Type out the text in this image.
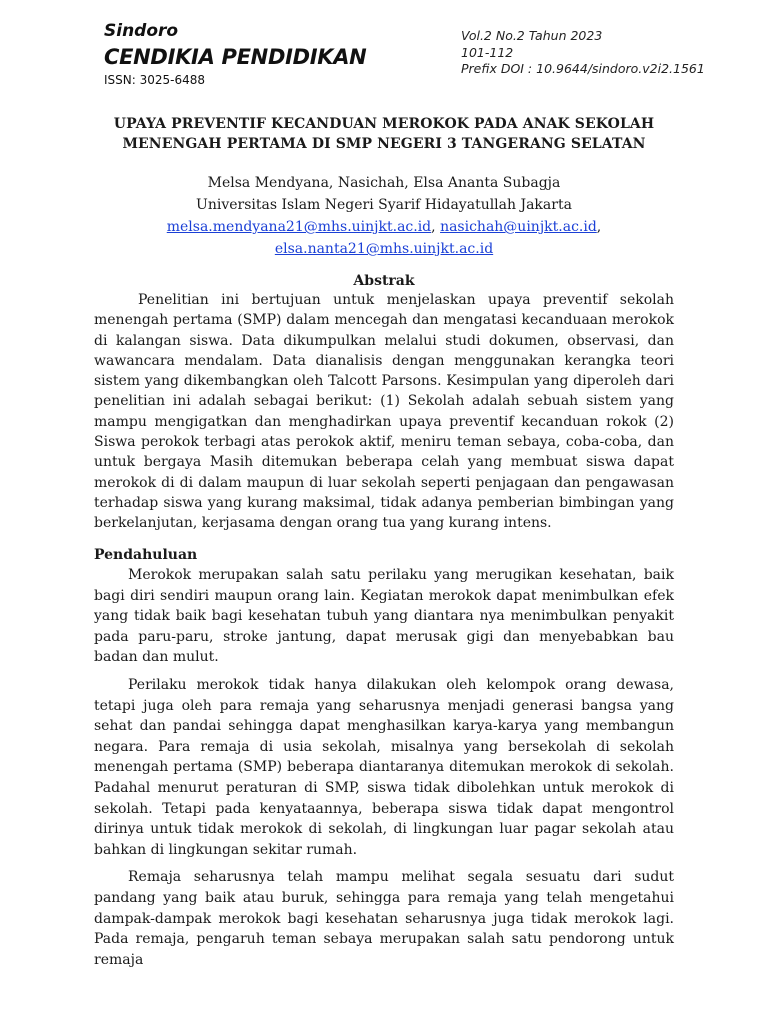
Sindoro
CENDIKIA PENDIDIKAN
ISSN: 3025-6488
Vol.2 No.2 Tahun 2023
101-112
Prefix DOI : 10.9644/sindoro.v2i2.1561
UPAYA PREVENTIF KECANDUAN MEROKOK PADA ANAK SEKOLAH
MENENGAH PERTAMA DI SMP NEGERI 3 TANGERANG SELATAN
Melsa Mendyana, Nasichah, Elsa Ananta Subagja
Universitas Islam Negeri Syarif Hidayatullah Jakarta
melsa.mendyana21@mhs.uinjkt.ac.id, nasichah@uinjkt.ac.id,
elsa.nanta21@mhs.uinjkt.ac.id
Abstrak

Penelitian ini bertujuan untuk menjelaskan upaya preventif sekolah menengah pertama (SMP) dalam mencegah dan mengatasi kecanduaan merokok di kalangan siswa. Data dikumpulkan melalui studi dokumen, observasi, dan wawancara mendalam. Data dianalisis dengan menggunakan kerangka teori sistem yang dikembangkan oleh Talcott Parsons. Kesimpulan yang diperoleh dari penelitian ini adalah sebagai berikut: (1) Sekolah adalah sebuah sistem yang mampu mengigatkan dan menghadirkan upaya preventif kecanduan rokok (2) Siswa perokok terbagi atas perokok aktif, meniru teman sebaya, coba-coba, dan untuk bergaya Masih ditemukan beberapa celah yang membuat siswa dapat merokok di di dalam maupun di luar sekolah seperti penjagaan dan pengawasan terhadap siswa yang kurang maksimal, tidak adanya pemberian bimbingan yang berkelanjutan, kerjasama dengan orang tua yang kurang intens.

Pendahuluan

Merokok merupakan salah satu perilaku yang merugikan kesehatan, baik bagi diri sendiri maupun orang lain. Kegiatan merokok dapat menimbulkan efek yang tidak baik bagi kesehatan tubuh yang diantara nya menimbulkan penyakit pada paru-paru, stroke jantung, dapat merusak gigi dan menyebabkan bau badan dan mulut.

Perilaku merokok tidak hanya dilakukan oleh kelompok orang dewasa, tetapi juga oleh para remaja yang seharusnya menjadi generasi bangsa yang sehat dan pandai sehingga dapat menghasilkan karya-karya yang membangun negara. Para remaja di usia sekolah, misalnya yang bersekolah di sekolah menengah pertama (SMP) beberapa diantaranya ditemukan merokok di sekolah. Padahal menurut peraturan di SMP, siswa tidak dibolehkan untuk merokok di sekolah. Tetapi pada kenyataannya, beberapa siswa tidak dapat mengontrol dirinya untuk tidak merokok di sekolah, di lingkungan luar pagar sekolah atau bahkan di lingkungan sekitar rumah.

Remaja seharusnya telah mampu melihat segala sesuatu dari sudut pandang yang baik atau buruk, sehingga para remaja yang telah mengetahui dampak-dampak merokok bagi kesehatan seharusnya juga tidak merokok lagi. Pada remaja, pengaruh teman sebaya merupakan salah satu pendorong untuk remaja
